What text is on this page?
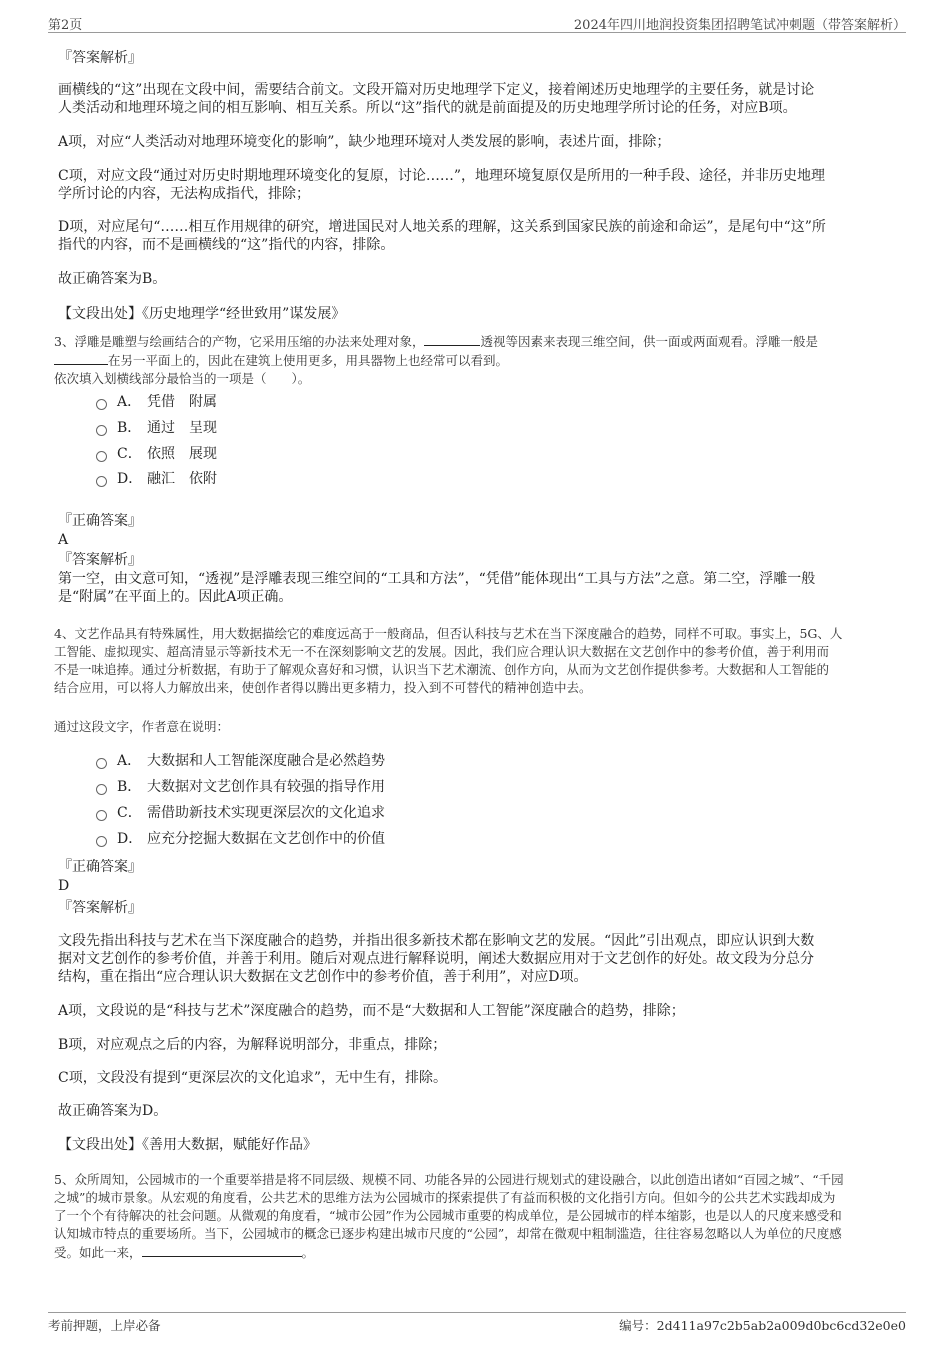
第2页	2024年四川地润投资集团招聘笔试冲刺题（带答案解析）
『答案解析』
画横线的“这”出现在文段中间，需要结合前文。文段开篇对历史地理学下定义，接着阐述历史地理学的主要任务，就是讨论
人类活动和地理环境之间的相互影响、相互关系。所以“这”指代的就是前面提及的历史地理学所讨论的任务，对应B项。
A项，对应“人类活动对地理环境变化的影响”，缺少地理环境对人类发展的影响，表述片面，排除；
C项，对应文段“通过对历史时期地理环境变化的复原，讨论……”，地理环境复原仅是所用的一种手段、途径，并非历史地理
学所讨论的内容，无法构成指代，排除；
D项，对应尾句“……相互作用规律的研究，增进国民对人地关系的理解，这关系到国家民族的前途和命运”，是尾句中“这”所
指代的内容，而不是画横线的“这”指代的内容，排除。
故正确答案为B。
【文段出处】《历史地理学“经世致用”谋发展》
3、浮雕是雕塑与绘画结合的产物，它采用压缩的办法来处理对象，	透视等因素来表现三维空间，供一面或两面观看。浮雕一般是
在另一平面上的，因此在建筑上使用更多，用具器物上也经常可以看到。
依次填入划横线部分最恰当的一项是（　　）。
A． 凭借 附属
B． 通过 呈现
C． 依照 展现
D． 融汇 依附
『正确答案』
A
『答案解析』
第一空，由文意可知，“透视”是浮雕表现三维空间的“工具和方法”，“凭借”能体现出“工具与方法”之意。第二空，浮雕一般
是“附属”在平面上的。因此A项正确。
4、文艺作品具有特殊属性，用大数据描绘它的难度远高于一般商品，但否认科技与艺术在当下深度融合的趋势，同样不可取。事实上，5G、人
工智能、虚拟现实、超高清显示等新技术无一不在深刻影响文艺的发展。因此，我们应合理认识大数据在文艺创作中的参考价值，善于利用而
不是一味追捧。通过分析数据，有助于了解观众喜好和习惯，认识当下艺术潮流、创作方向，从而为文艺创作提供参考。大数据和人工智能的
结合应用，可以将人力解放出来，使创作者得以腾出更多精力，投入到不可替代的精神创造中去。
通过这段文字，作者意在说明：
A． 大数据和人工智能深度融合是必然趋势
B． 大数据对文艺创作具有较强的指导作用
C． 需借助新技术实现更深层次的文化追求
D． 应充分挖掘大数据在文艺创作中的价值
『正确答案』
D
『答案解析』
文段先指出科技与艺术在当下深度融合的趋势，并指出很多新技术都在影响文艺的发展。“因此”引出观点，即应认识到大数
据对文艺创作的参考价值，并善于利用。随后对观点进行解释说明，阐述大数据应用对于文艺创作的好处。故文段为分总分
结构，重在指出“应合理认识大数据在文艺创作中的参考价值，善于利用”，对应D项。
A项，文段说的是“科技与艺术”深度融合的趋势，而不是“大数据和人工智能”深度融合的趋势，排除；
B项，对应观点之后的内容，为解释说明部分，非重点，排除；
C项，文段没有提到“更深层次的文化追求”，无中生有，排除。
故正确答案为D。
【文段出处】《善用大数据，赋能好作品》
5、众所周知，公园城市的一个重要举措是将不同层级、规模不同、功能各异的公园进行规划式的建设融合，以此创造出诸如“百园之城”、“千园
之城”的城市景象。从宏观的角度看，公共艺术的思维方法为公园城市的探索提供了有益而积极的文化指引方向。但如今的公共艺术实践却成为
了一个个有待解决的社会问题。从微观的角度看，“城市公园”作为公园城市重要的构成单位，是公园城市的样本缩影，也是以人的尺度来感受和
认知城市特点的重要场所。当下，公园城市的概念已逐步构建出城市尺度的“公园”，却常在微观中粗制滥造，往往容易忽略以人为单位的尺度感
受。如此一来，	。
考前押题，上岸必备	编号：2d411a97c2b5ab2a009d0bc6cd32e0e0
